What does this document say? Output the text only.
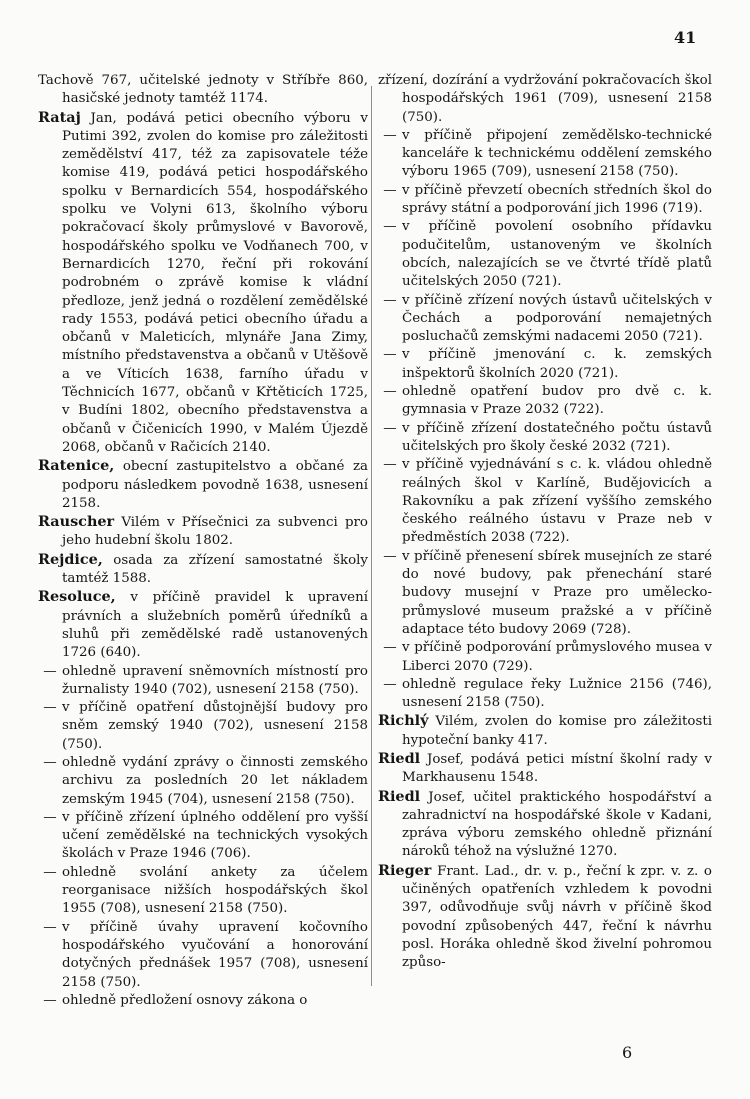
41

Tachově 767, učitelské jednoty v Stříbře 860, hasičské jednoty tamtéž 1174.

Rataj Jan, podává petici obecního výboru v Putimi 392, zvolen do komise pro záležitosti zemědělství 417, též za zapisovatele téže komise 419, podává petici hospodářského spolku v Bernardicích 554, hospodářského spolku ve Volyni 613, školního výboru pokračovací školy průmyslové v Bavorově, hospodářského spolku ve Vodňanech 700, v Bernardicích 1270, řeční při rokování podrobném o zprávě komise k vládní předloze, jenž jedná o rozdělení zemědělské rady 1553, podává petici obecního úřadu a občanů v Maleticích, mlynáře Jana Zimy, místního představenstva a občanů v Utěšově a ve Víticích 1638, farního úřadu v Těchnicích 1677, občanů v Křtěticích 1725, v Budíni 1802, obecního představenstva a občanů v Čičenicích 1990, v Malém Újezdě 2068, občanů v Račicích 2140.

Ratenice, obecní zastupitelstvo a občané za podporu následkem povodně 1638, usnesení 2158.

Rauscher Vilém v Přísečnici za subvenci pro jeho hudební školu 1802.

Rejdice, osada za zřízení samostatné školy tamtéž 1588.

Resoluce, v příčině pravidel k upravení právních a služebních poměrů úředníků a sluhů při zemědělské radě ustanovených 1726 (640).

— ohledně upravení sněmovních místností pro žurnalisty 1940 (702), usnesení 2158 (750).

— v příčině opatření důstojnější budovy pro sněm zemský 1940 (702), usnesení 2158 (750).

— ohledně vydání zprávy o činnosti zemského archivu za posledních 20 let nákladem zemským 1945 (704), usnesení 2158 (750).

— v příčině zřízení úplného oddělení pro vyšší učení zemědělské na technických vysokých školách v Praze 1946 (706).

— ohledně svolání ankety za účelem reorganisace nižších hospodářských škol 1955 (708), usnesení 2158 (750).

— v příčině úvahy upravení kočovního hospodářského vyučování a honorování dotyčných přednášek 1957 (708), usnesení 2158 (750).

— ohledně předložení osnovy zákona o

zřízení, dozírání a vydržování pokračovacích škol hospodářských 1961 (709), usnesení 2158 (750).

— v příčině připojení zemědělsko-technické kanceláře k technickému oddělení zemského výboru 1965 (709), usnesení 2158 (750).

— v příčině převzetí obecních středních škol do správy státní a podporování jich 1996 (719).

— v příčině povolení osobního přídavku podučitelům, ustanoveným ve školních obcích, nalezajících se ve čtvrté třídě platů učitelských 2050 (721).

— v příčině zřízení nových ústavů učitelských v Čechách a podporování nemajetných posluchačů zemskými nadacemi 2050 (721).

— v příčině jmenování c. k. zemských inšpektorů školních 2020 (721).

— ohledně opatření budov pro dvě c. k. gymnasia v Praze 2032 (722).

— v příčině zřízení dostatečného počtu ústavů učitelských pro školy české 2032 (721).

— v příčině vyjednávání s c. k. vládou ohledně reálných škol v Karlíně, Budějovicích a Rakovníku a pak zřízení vyššího zemského českého reálného ústavu v Praze neb v předměstích 2038 (722).

— v příčině přenesení sbírek musejních ze staré do nové budovy, pak přenechání staré budovy musejní v Praze pro umělecko-průmyslové museum pražské a v příčině adaptace této budovy 2069 (728).

— v příčině podporování průmyslového musea v Liberci 2070 (729).

— ohledně regulace řeky Lužnice 2156 (746), usnesení 2158 (750).

Richlý Vilém, zvolen do komise pro záležitosti hypoteční banky 417.

Riedl Josef, podává petici místní školní rady v Markhausenu 1548.

Riedl Josef, učitel praktického hospodářství a zahradnictví na hospodářské škole v Kadani, zpráva výboru zemského ohledně přiznání nároků téhož na výslužné 1270.

Rieger Frant. Lad., dr. v. p., řeční k zpr. v. z. o učiněných opatřeních vzhledem k povodni 397, odůvodňuje svůj návrh v příčině škod povodní způsobených 447, řeční k návrhu posl. Horáka ohledně škod živelní pohromou způso-

6
